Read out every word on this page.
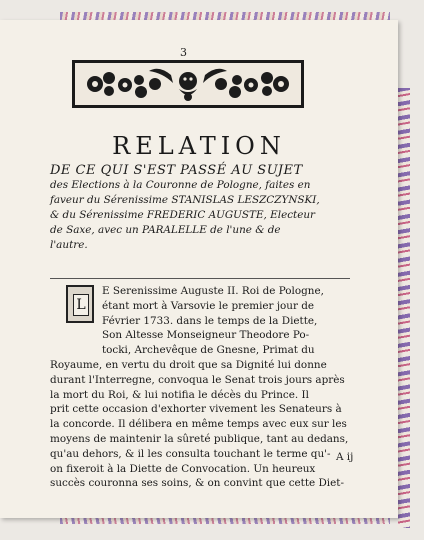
3
RELATION
DE CE QUI S'EST PASSÉ AU SUJET
des Elections à la Couronne de Pologne, faites en
faveur du Sérenissime STANISLAS LESZCZYNSKI,
& du Sérenissime FREDERIC AUGUSTE, Electeur
de Saxe, avec un PARALELLE de l'une & de
l'autre.
L
E Serenissime Auguste II. Roi de Pologne,
étant mort à Varsovie le premier jour de
Février 1733. dans le temps de la Diette,
Son Altesse Monseigneur Theodore Po-
tocki, Archevêque de Gnesne, Primat du
Royaume, en vertu du droit que sa Dignité lui donne
durant l'Interregne, convoqua le Senat trois jours après
la mort du Roi, & lui notifia le décès du Prince. Il
prit cette occasion d'exhorter vivement les Senateurs à
la concorde. Il délibera en même temps avec eux sur les
moyens de maintenir la sûreté publique, tant au dedans,
qu'au dehors, & il les consulta touchant le terme qu'-
on fixeroit à la Diette de Convocation. Un heureux
succès couronna ses soins, & on convint que cette Diet-
A ij
